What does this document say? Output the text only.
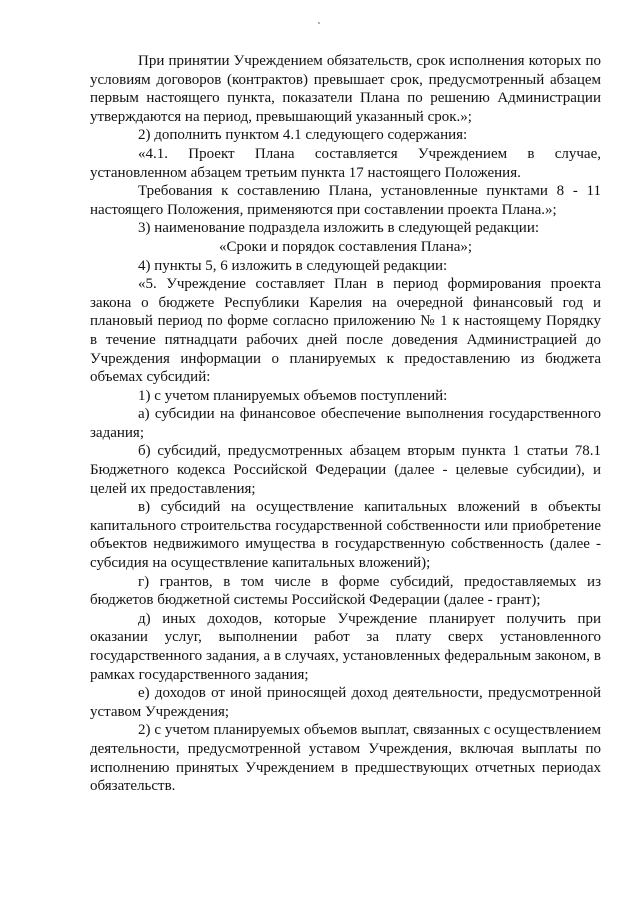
При принятии Учреждением обязательств, срок исполнения которых по условиям договоров (контрактов) превышает срок, предусмотренный абзацем первым настоящего пункта, показатели Плана по решению Администрации утверждаются на период, превышающий указанный срок.»;

2) дополнить пунктом 4.1 следующего содержания:

«4.1. Проект Плана составляется Учреждением в случае, установленном абзацем третьим пункта 17 настоящего Положения.

Требования к составлению Плана, установленные пунктами 8 - 11 настоящего Положения, применяются при составлении проекта Плана.»;

3) наименование подраздела изложить в следующей редакции:

«Сроки и порядок составления Плана»;

4) пункты 5, 6 изложить в следующей редакции:

«5. Учреждение составляет План в период формирования проекта закона о бюджете Республики Карелия на очередной финансовый год и плановый период по форме согласно приложению № 1 к настоящему Порядку в течение пятнадцати рабочих дней после доведения Администрацией до Учреждения информации о планируемых к предоставлению из бюджета объемах субсидий:

1) с учетом планируемых объемов поступлений:

а) субсидии на финансовое обеспечение выполнения государственного задания;

б) субсидий, предусмотренных абзацем вторым пункта 1 статьи 78.1 Бюджетного кодекса Российской Федерации (далее - целевые субсидии), и целей их предоставления;

в) субсидий на осуществление капитальных вложений в объекты капитального строительства государственной собственности или приобретение объектов недвижимого имущества в государственную собственность (далее - субсидия на осуществление капитальных вложений);

г) грантов, в том числе в форме субсидий, предоставляемых из бюджетов бюджетной системы Российской Федерации (далее - грант);

д) иных доходов, которые Учреждение планирует получить при оказании услуг, выполнении работ за плату сверх установленного государственного задания, а в случаях, установленных федеральным законом, в рамках государственного задания;

е) доходов от иной приносящей доход деятельности, предусмотренной уставом Учреждения;

2) с учетом планируемых объемов выплат, связанных с осуществлением деятельности, предусмотренной уставом Учреждения, включая выплаты по исполнению принятых Учреждением в предшествующих отчетных периодах обязательств.
